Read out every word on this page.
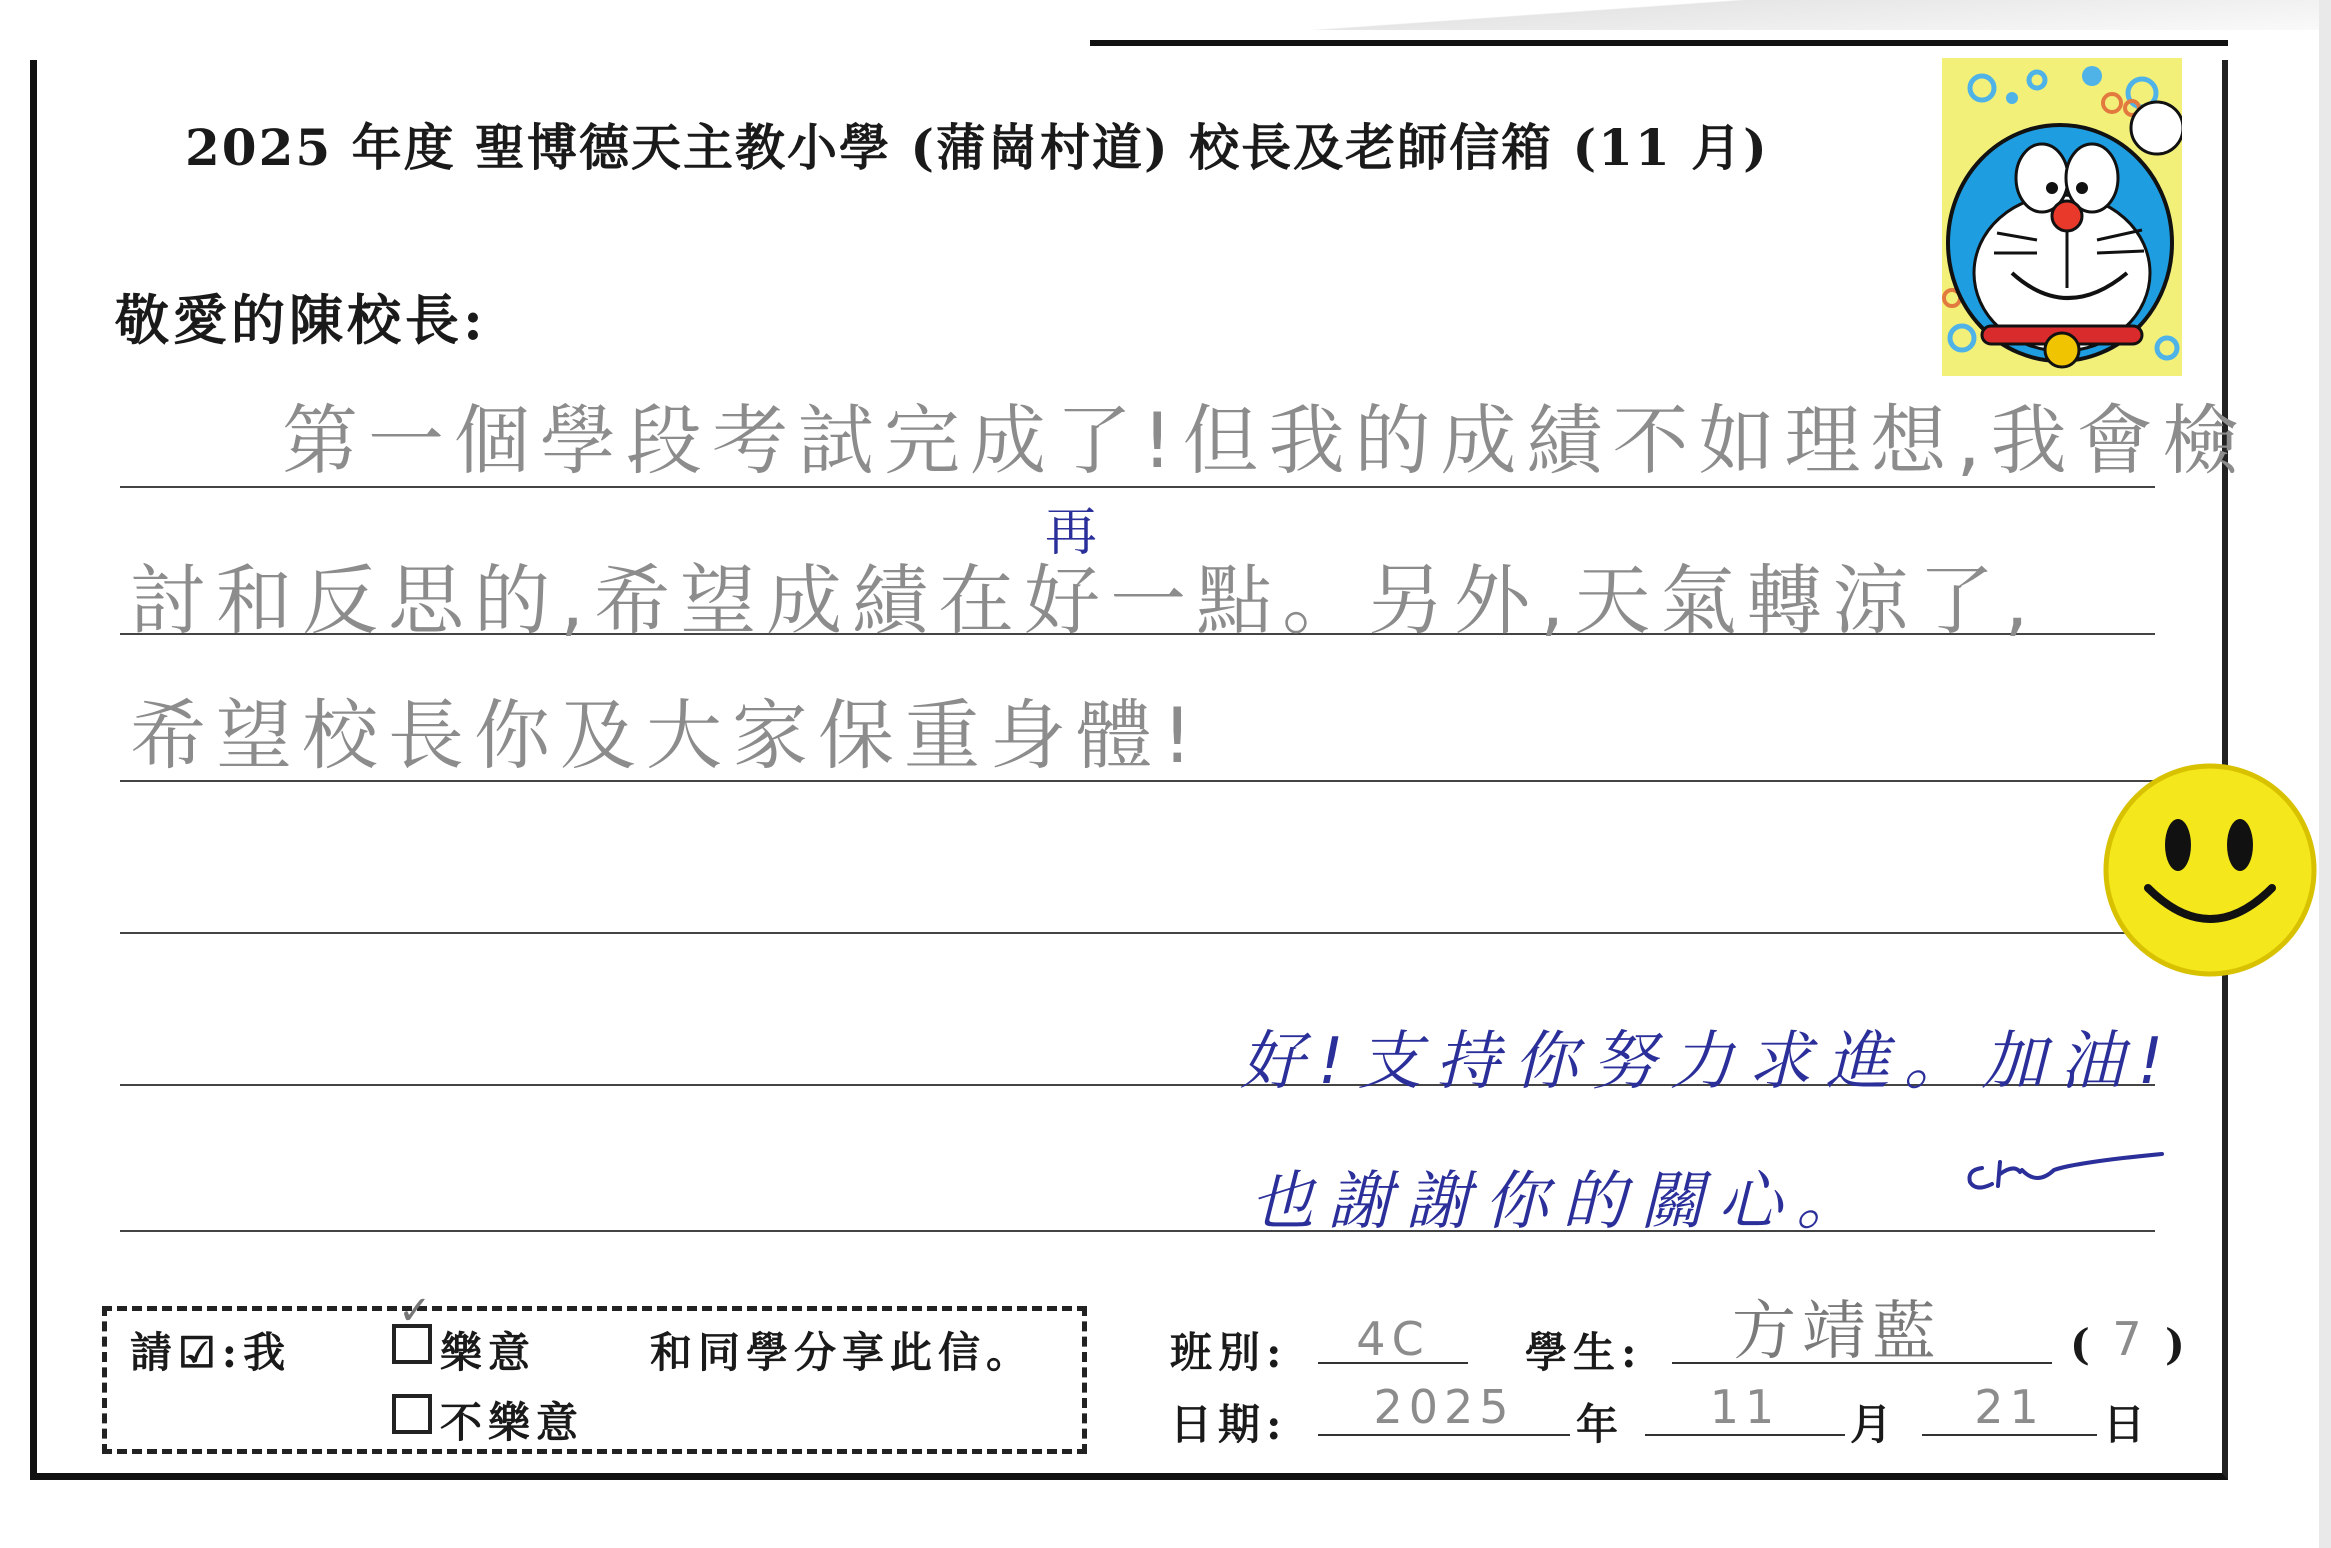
2025 年度 聖博德天主教小學 (蒲崗村道) 校長及老師信箱 (11 月)
敬愛的陳校長:
第一個學段考試完成了!但我的成績不如理想,我會檢
再
討和反思的,希望成績在好一點。另外,天氣轉涼了,
希望校長你及大家保重身體!
好!支持你努力求進。加油!
也謝謝你的關心。
CR
請☑:我
✓
樂意	和同學分享此信。
不樂意
班別:	4C	學生:	方靖藍	( 7 )
日期:	2025	年	11	月	21	日
